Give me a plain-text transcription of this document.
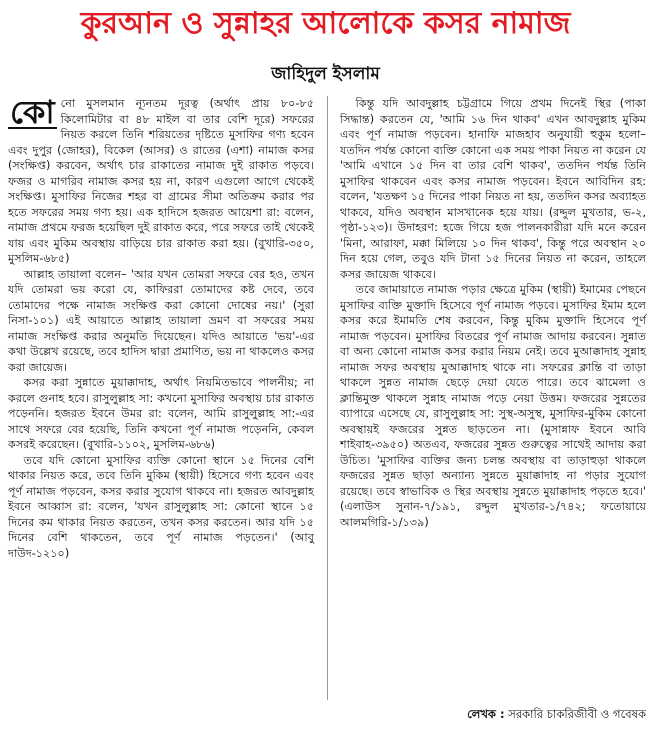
কুরআন ও সুন্নাহর আলোকে কসর নামাজ
জাহিদুল ইসলাম

কো নো মুসলমান ন্যূনতম দূরত্ব (অর্থাৎ প্রায় ৮০-৮৫ কিলোমিটার বা ৪৮ মাইল বা তার বেশি দূরে) সফরের নিয়ত করলে তিনি শরিয়তের দৃষ্টিতে মুসাফির গণ্য হবেন এবং দুপুর (জোহর), বিকেল (আসর) ও রাতের (এশা) নামাজ কসর (সংক্ষিপ্ত) করবেন, অর্থাৎ চার রাকাতের নামাজ দুই রাকাত পড়বে। ফজর ও মাগরিব নামাজ কসর হয় না, কারণ এগুলো আগে থেকেই সংক্ষিপ্ত। মুসাফির নিজের শহর বা গ্রামের সীমা অতিক্রম করার পর হতে সফরের সময় গণ্য হয়। এক হাদিসে হজরত আয়েশা রা: বলেন, নামাজ প্রথমে ফরজ হয়েছিল দুই রাকাত করে, পরে সফরে তাই থেকেই যায় এবং মুকিম অবস্থায় বাড়িয়ে চার রাকাত করা হয়। (বুখারি-৩৫০, মুসলিম-৬৮৫)

আল্লাহ তায়ালা বলেন– 'আর যখন তোমরা সফরে বের হও, তখন যদি তোমরা ভয় করো যে, কাফিররা তোমাদের কষ্ট দেবে, তবে তোমাদের পক্ষে নামাজ সংক্ষিপ্ত করা কোনো দোষের নয়।' (সুরা নিসা-১০১) এই আয়াতে আল্লাহ তায়ালা ভ্রমণ বা সফরের সময় নামাজ সংক্ষিপ্ত করার অনুমতি দিয়েছেন। যদিও আয়াতে 'ভয়'-এর কথা উল্লেখ রয়েছে, তবে হাদিস দ্বারা প্রমাণিত, ভয় না থাকলেও কসর করা জায়েজ।

কসর করা সুন্নাতে মুয়াক্কাদাহ, অর্থাৎ নিয়মিতভাবে পালনীয়; না করলে গুনাহ হবে। রাসুলুল্লাহ সা: কখনো মুসাফির অবস্থায় চার রাকাত পড়েননি। হজরত ইবনে উমর রা: বলেন, আমি রাসুলুল্লাহ সা:-এর সাথে সফরে বের হয়েছি, তিনি কখনো পূর্ণ নামাজ পড়েননি, কেবল কসরই করেছেন। (বুখারি-১১০২, মুসলিম-৬৮৬)

তবে যদি কোনো মুসাফির ব্যক্তি কোনো স্থানে ১৫ দিনের বেশি থাকার নিয়ত করে, তবে তিনি মুকিম (স্থায়ী) হিসেবে গণ্য হবেন এবং পূর্ণ নামাজ পড়বেন, কসর করার সুযোগ থাকবে না। হজরত আবদুল্লাহ ইবনে আব্বাস রা: বলেন, 'যখন রাসুলুল্লাহ সা: কোনো স্থানে ১৫ দিনের কম থাকার নিয়ত করতেন, তখন কসর করতেন। আর যদি ১৫ দিনের বেশি থাকতেন, তবে পূর্ণ নামাজ পড়তেন।' (আবু দাউদ-১২১০)

কিন্তু যদি আবদুল্লাহ চট্টগ্রামে গিয়ে প্রথম দিনেই স্থির (পাকা সিদ্ধান্ত) করতেন যে, 'আমি ১৬ দিন থাকব' এখন আবদুল্লাহ মুকিম এবং পূর্ণ নামাজ পড়বেন। হানাফি মাজহাব অনুযায়ী হুকুম হলো– যতদিন পর্যন্ত কোনো ব্যক্তি কোনো এক সময় পাকা নিয়ত না করেন যে 'আমি এখানে ১৫ দিন বা তার বেশি থাকব', ততদিন পর্যন্ত তিনি মুসাফির থাকবেন এবং কসর নামাজ পড়বেন। ইবনে আবিদিন রহ: বলেন, 'যতক্ষণ ১৫ দিনের পাকা নিয়ত না হয়, ততদিন কসর অব্যাহত থাকবে, যদিও অবস্থান মাসখানেক হয়ে যায়। (রদ্দুল মুখতার, ভ-২, পৃষ্ঠা-১২৩)। উদাহরণ: হজে গিয়ে হজ পালনকারীরা যদি মনে করেন 'মিনা, আরাফা, মক্কা মিলিয়ে ১০ দিন থাকব', কিন্তু পরে অবস্থান ২০ দিন হয়ে গেল, তবুও যদি টানা ১৫ দিনের নিয়ত না করেন, তাহলে কসর জায়েজ থাকবে।

তবে জামায়াতে নামাজ পড়ার ক্ষেত্রে মুকিম (স্থায়ী) ইমামের পেছনে মুসাফির ব্যক্তি মুক্তাদি হিসেবে পূর্ণ নামাজ পড়বে। মুসাফির ইমাম হলে কসর করে ইমামতি শেষ করবেন, কিন্তু মুকিম মুক্তাদি হিসেবে পূর্ণ নামাজ পড়বেন। মুসাফির বিতরের পূর্ণ নামাজ আদায় করবেন। সুন্নাত বা অন্য কোনো নামাজ কসর করার নিয়ম নেই। তবে মুআক্কাদাহ সুন্নাহ নামাজ সফর অবস্থায় মুআক্কাদাহ থাকে না। সফরের ক্লান্তি বা তাড়া থাকলে সুন্নত নামাজ ছেড়ে দেয়া যেতে পারে। তবে ঝামেলা ও ক্লান্তিমুক্ত থাকলে সুন্নাহ নামাজ পড়ে নেয়া উত্তম। ফজরের সুন্নতের ব্যাপারে এসেছে যে, রাসুলুল্লাহ সা: সুস্থ-অসুস্থ, মুসাফির-মুকিম কোনো অবস্থায়ই ফজরের সুন্নত ছাড়তেন না। (মুসান্নাফ ইবনে আবি শাইবাহ-৩৯৫০) অতএব, ফজরের সুন্নত গুরুত্বের সাথেই আদায় করা উচিত। 'মুসাফির ব্যক্তির জন্য চলন্ত অবস্থায় বা তাড়াহুড়া থাকলে ফজরের সুন্নত ছাড়া অন্যান্য সুন্নতে মুয়াক্কাদাহ না পড়ার সুযোগ রয়েছে। তবে স্বাভাবিক ও স্থির অবস্থায় সুন্নতে মুয়াক্কাদাহ পড়তে হবে।' (এলাউস সুনান-৭/১৯১, রদ্দুল মুখতার-১/৭৪২; ফতোয়ায়ে আলমগিরি-১/১৩৯)

লেখক : সরকারি চাকরিজীবী ও গবেষক
